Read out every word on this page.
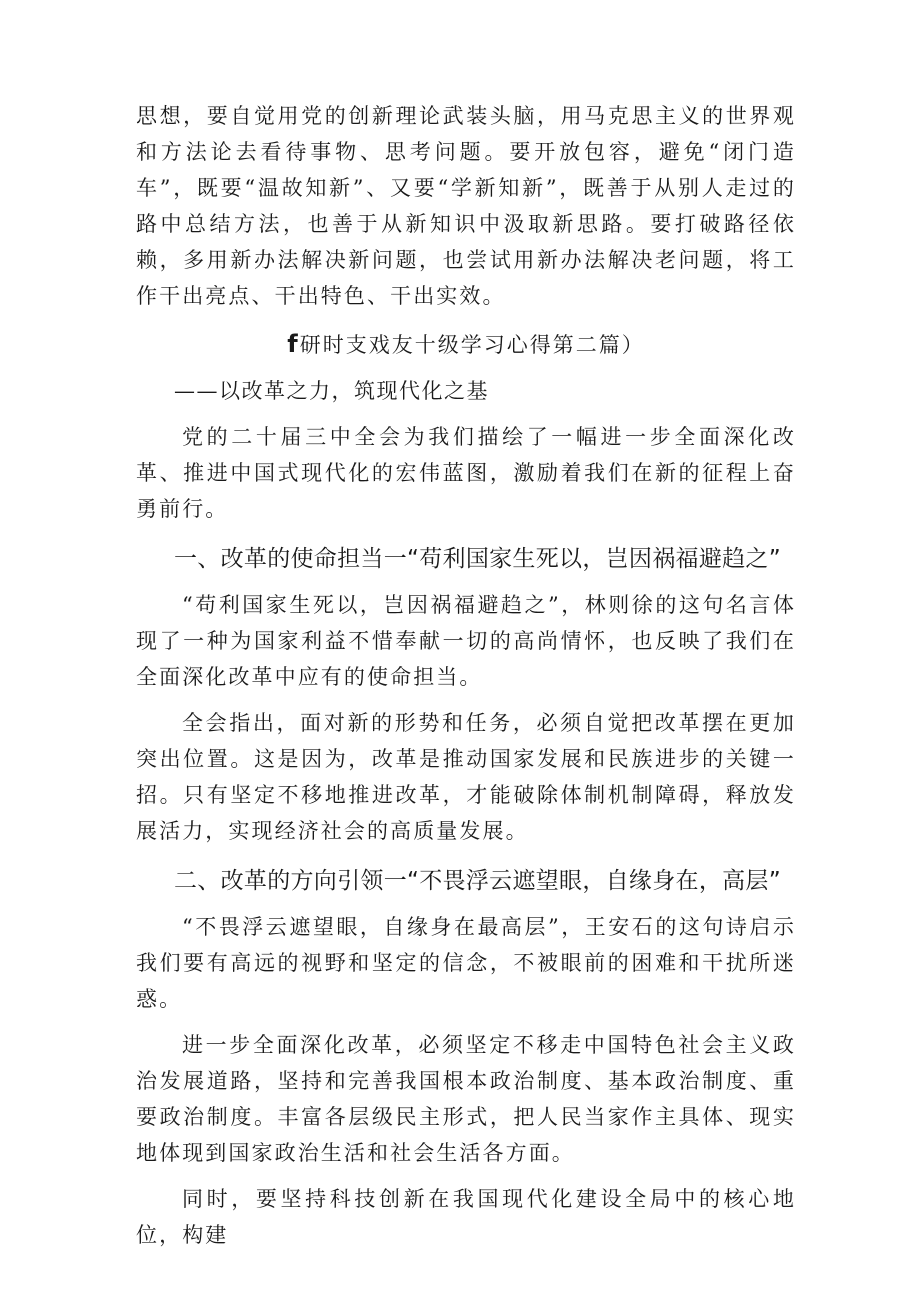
思想，要自觉用党的创新理论武装头脑，用马克思主义的世界观和方法论去看待事物、思考问题。要开放包容，避免“闭门造车”，既要“温故知新”、又要“学新知新”，既善于从别人走过的路中总结方法，也善于从新知识中汲取新思路。要打破路径依赖，多用新办法解决新问题，也尝试用新办法解决老问题，将工作干出亮点、干出特色、干出实效。

f研时支戏友十级学习心得第二篇）

——以改革之力，筑现代化之基

党的二十届三中全会为我们描绘了一幅进一步全面深化改革、推进中国式现代化的宏伟蓝图，激励着我们在新的征程上奋勇前行。

一、改革的使命担当一“苟利国家生死以，岂因祸福避趋之”

“苟利国家生死以，岂因祸福避趋之”，林则徐的这句名言体现了一种为国家利益不惜奉献一切的高尚情怀，也反映了我们在全面深化改革中应有的使命担当。

全会指出，面对新的形势和任务，必须自觉把改革摆在更加突出位置。这是因为，改革是推动国家发展和民族进步的关键一招。只有坚定不移地推进改革，才能破除体制机制障碍，释放发展活力，实现经济社会的高质量发展。

二、改革的方向引领一“不畏浮云遮望眼，自缘身在，高层”

“不畏浮云遮望眼，自缘身在最高层”，王安石的这句诗启示我们要有高远的视野和坚定的信念，不被眼前的困难和干扰所迷惑。

进一步全面深化改革，必须坚定不移走中国特色社会主义政治发展道路，坚持和完善我国根本政治制度、基本政治制度、重要政治制度。丰富各层级民主形式，把人民当家作主具体、现实地体现到国家政治生活和社会生活各方面。

同时，要坚持科技创新在我国现代化建设全局中的核心地位，构建
